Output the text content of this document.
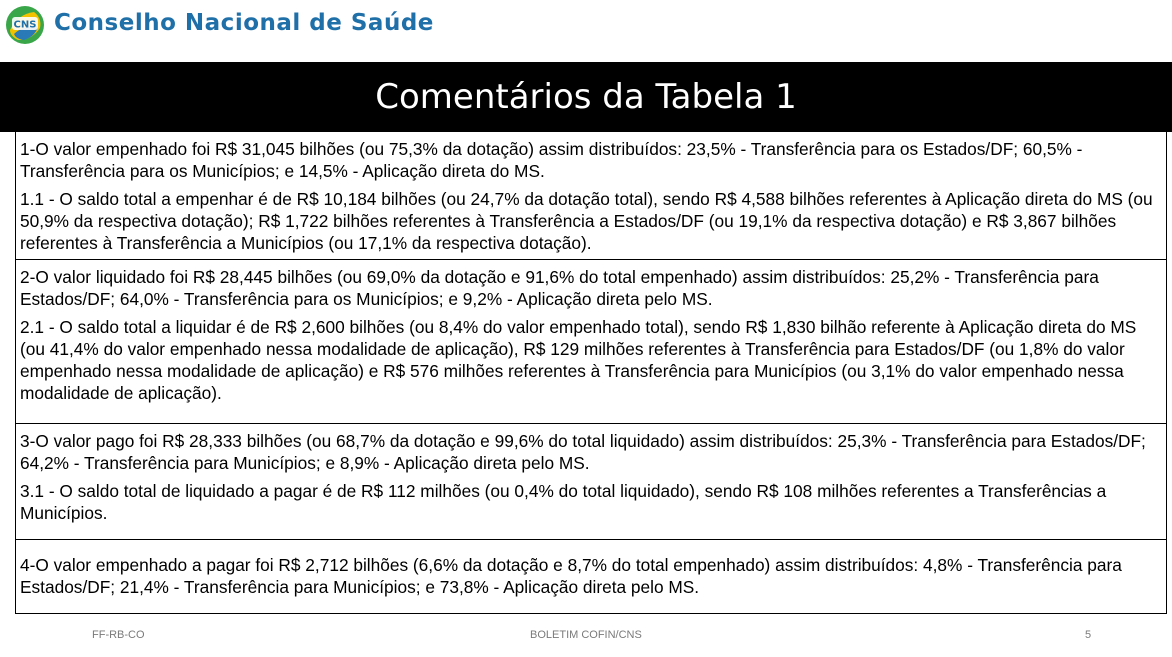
CNS Conselho Nacional de Saúde
Comentários da Tabela 1

1-O valor empenhado foi R$ 31,045 bilhões (ou 75,3% da dotação) assim distribuídos: 23,5% - Transferência para os Estados/DF; 60,5% - Transferência para os Municípios; e 14,5% - Aplicação direta do MS.

1.1 - O saldo total a empenhar é de R$ 10,184 bilhões (ou 24,7% da dotação total), sendo R$ 4,588 bilhões referentes à Aplicação direta do MS (ou 50,9% da respectiva dotação); R$ 1,722 bilhões referentes à Transferência a Estados/DF (ou 19,1% da respectiva dotação) e R$ 3,867 bilhões referentes à Transferência a Municípios (ou 17,1% da respectiva dotação).

2-O valor liquidado foi R$ 28,445 bilhões (ou 69,0% da dotação e 91,6% do total empenhado) assim distribuídos: 25,2% - Transferência para Estados/DF; 64,0% - Transferência para os Municípios; e 9,2% - Aplicação direta pelo MS.

2.1 - O saldo total a liquidar é de R$ 2,600 bilhões (ou 8,4% do valor empenhado total), sendo R$ 1,830 bilhão referente à Aplicação direta do MS (ou 41,4% do valor empenhado nessa modalidade de aplicação), R$ 129 milhões referentes à Transferência para Estados/DF (ou 1,8% do valor empenhado nessa modalidade de aplicação) e R$ 576 milhões referentes à Transferência para Municípios (ou 3,1% do valor empenhado nessa modalidade de aplicação).

3-O valor pago foi R$ 28,333 bilhões (ou 68,7% da dotação e 99,6% do total liquidado) assim distribuídos: 25,3% - Transferência para Estados/DF; 64,2% - Transferência para Municípios; e 8,9% - Aplicação direta pelo MS.

3.1 - O saldo total de liquidado a pagar é de R$ 112 milhões (ou 0,4% do total liquidado), sendo R$ 108 milhões referentes a Transferências a Municípios.

4-O valor empenhado a pagar foi R$ 2,712 bilhões (6,6% da dotação e 8,7% do total empenhado) assim distribuídos: 4,8% - Transferência para Estados/DF; 21,4% - Transferência para Municípios; e 73,8% - Aplicação direta pelo MS.

FF-RB-CO	BOLETIM COFIN/CNS	5
